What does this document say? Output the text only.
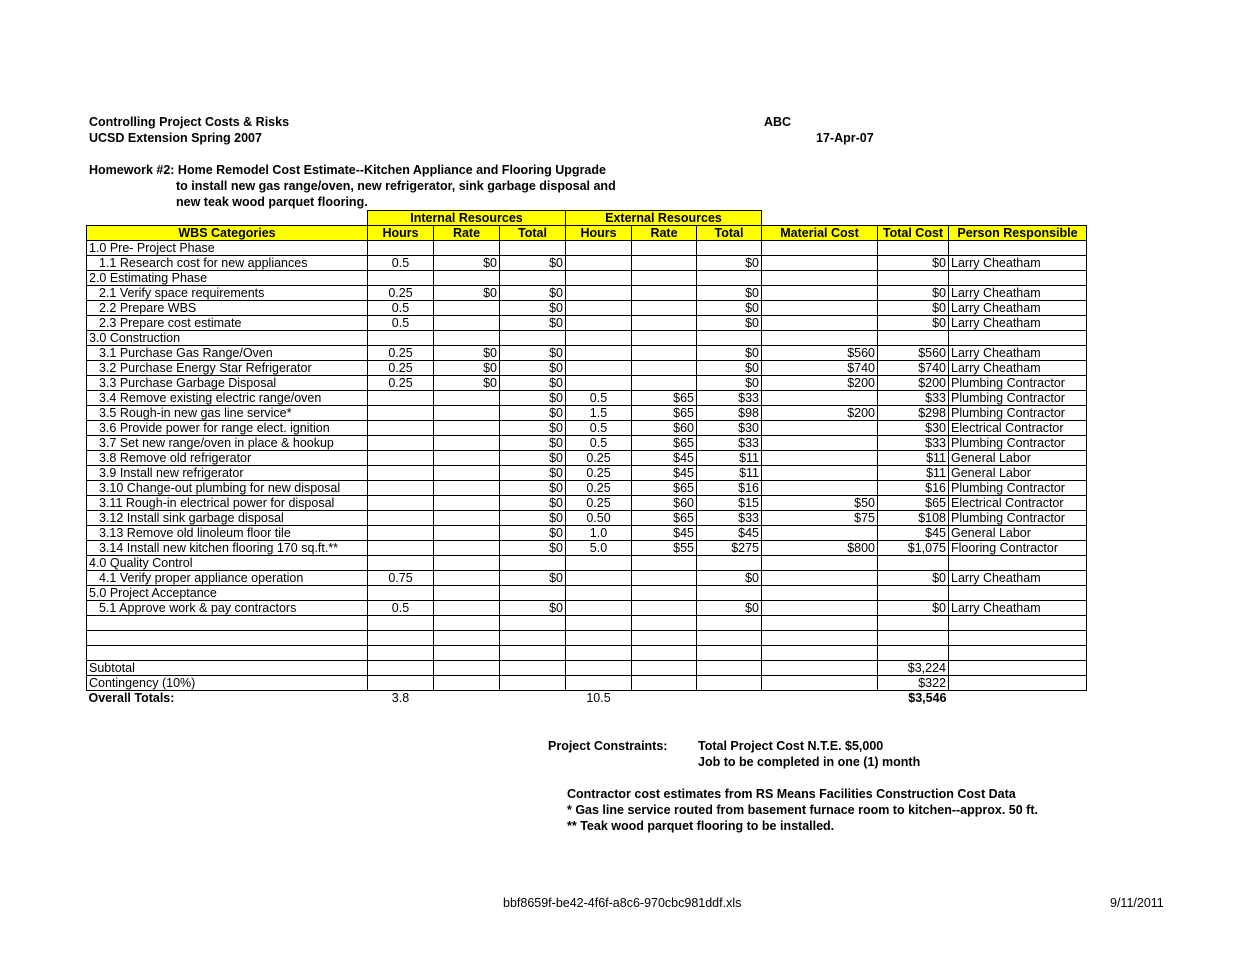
Controlling Project Costs & Risks
UCSD Extension Spring 2007
ABC
17-Apr-07
Homework #2: Home Remodel Cost Estimate--Kitchen Appliance and Flooring Upgrade
to install new gas range/oven, new refrigerator, sink garbage disposal and
new teak wood parquet flooring.
	Internal Resources			External Resources					
WBS Categories	Hours	Rate	Total	Hours	Rate	Total	Material Cost	Total Cost	Person Responsible
1.0 Pre- Project Phase									
1.1 Research cost for new appliances	0.5	$0	$0			$0		$0	Larry Cheatham
2.0 Estimating Phase									
2.1 Verify space requirements	0.25	$0	$0			$0		$0	Larry Cheatham
2.2 Prepare WBS	0.5		$0			$0		$0	Larry Cheatham
2.3 Prepare cost estimate	0.5		$0			$0		$0	Larry Cheatham
3.0 Construction									
3.1 Purchase Gas Range/Oven	0.25	$0	$0			$0	$560	$560	Larry Cheatham
3.2 Purchase Energy Star Refrigerator	0.25	$0	$0			$0	$740	$740	Larry Cheatham
3.3 Purchase Garbage Disposal	0.25	$0	$0			$0	$200	$200	Plumbing Contractor
3.4 Remove existing electric range/oven			$0	0.5	$65	$33		$33	Plumbing Contractor
3.5 Rough-in new gas line service*			$0	1.5	$65	$98	$200	$298	Plumbing Contractor
3.6 Provide power for range elect. ignition			$0	0.5	$60	$30		$30	Electrical Contractor
3.7 Set new range/oven in place & hookup			$0	0.5	$65	$33		$33	Plumbing Contractor
3.8 Remove old refrigerator			$0	0.25	$45	$11		$11	General Labor
3.9 Install new refrigerator			$0	0.25	$45	$11		$11	General Labor
3.10 Change-out plumbing for new disposal			$0	0.25	$65	$16		$16	Plumbing Contractor
3.11 Rough-in electrical power for disposal			$0	0.25	$60	$15	$50	$65	Electrical Contractor
3.12 Install sink garbage disposal			$0	0.50	$65	$33	$75	$108	Plumbing Contractor
3.13 Remove old linoleum floor tile			$0	1.0	$45	$45		$45	General Labor
3.14 Install new kitchen flooring 170 sq.ft.**			$0	5.0	$55	$275	$800	$1,075	Flooring Contractor
4.0 Quality Control									
4.1 Verify proper appliance operation	0.75		$0			$0		$0	Larry Cheatham
5.0 Project Acceptance									
5.1 Approve work & pay contractors	0.5		$0			$0		$0	Larry Cheatham

Subtotal								$3,224	
Contingency (10%)								$322	
Overall Totals:	3.8			10.5				$3,546	
Project Constraints: Total Project Cost N.T.E. $5,000
Job to be completed in one (1) month
Contractor cost estimates from RS Means Facilities Construction Cost Data
* Gas line service routed from basement furnace room to kitchen--approx. 50 ft.
** Teak wood parquet flooring to be installed.
bbf8659f-be42-4f6f-a8c6-970cbc981ddf.xls	9/11/2011
